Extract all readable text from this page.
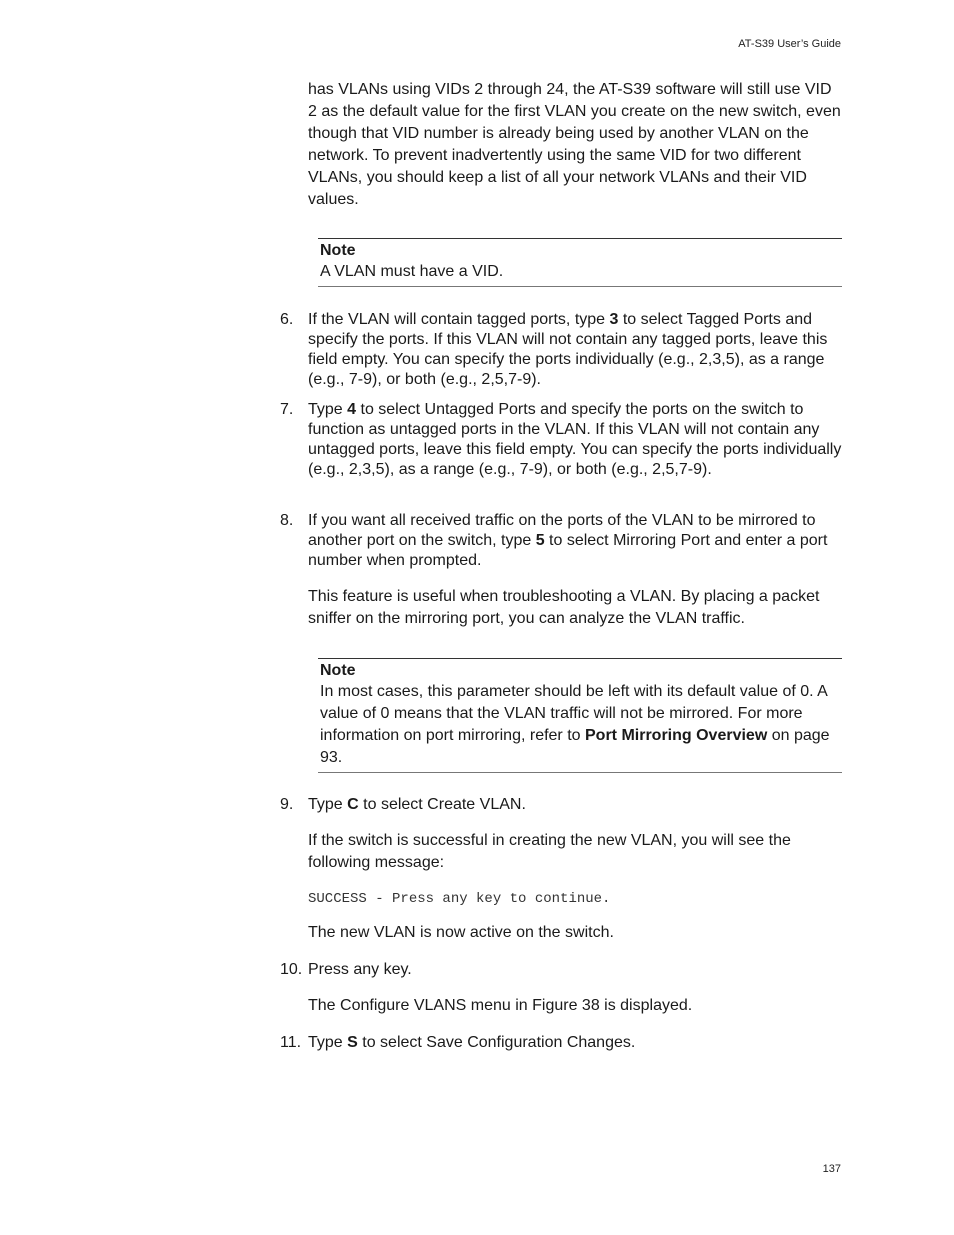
AT-S39 User’s Guide

has VLANs using VIDs 2 through 24, the AT-S39 software will still use VID 2 as the default value for the first VLAN you create on the new switch, even though that VID number is already being used by another VLAN on the network. To prevent inadvertently using the same VID for two different VLANs, you should keep a list of all your network VLANs and their VID values.

Note

A VLAN must have a VID.

6. If the VLAN will contain tagged ports, type 3 to select Tagged Ports and specify the ports. If this VLAN will not contain any tagged ports, leave this field empty. You can specify the ports individually (e.g., 2,3,5), as a range (e.g., 7-9), or both (e.g., 2,5,7-9).
7. Type 4 to select Untagged Ports and specify the ports on the switch to function as untagged ports in the VLAN. If this VLAN will not contain any untagged ports, leave this field empty. You can specify the ports individually (e.g., 2,3,5), as a range (e.g., 7-9), or both (e.g., 2,5,7-9).
8. If you want all received traffic on the ports of the VLAN to be mirrored to another port on the switch, type 5 to select Mirroring Port and enter a port number when prompted.
This feature is useful when troubleshooting a VLAN. By placing a packet sniffer on the mirroring port, you can analyze the VLAN traffic.

Note

In most cases, this parameter should be left with its default value of 0. A value of 0 means that the VLAN traffic will not be mirrored. For more information on port mirroring, refer to Port Mirroring Overview on page 93.

9. Type C to select Create VLAN.
If the switch is successful in creating the new VLAN, you will see the following message:
SUCCESS - Press any key to continue.
The new VLAN is now active on the switch.
10. Press any key.
The Configure VLANS menu in Figure 38 is displayed.
11. Type S to select Save Configuration Changes.
137
